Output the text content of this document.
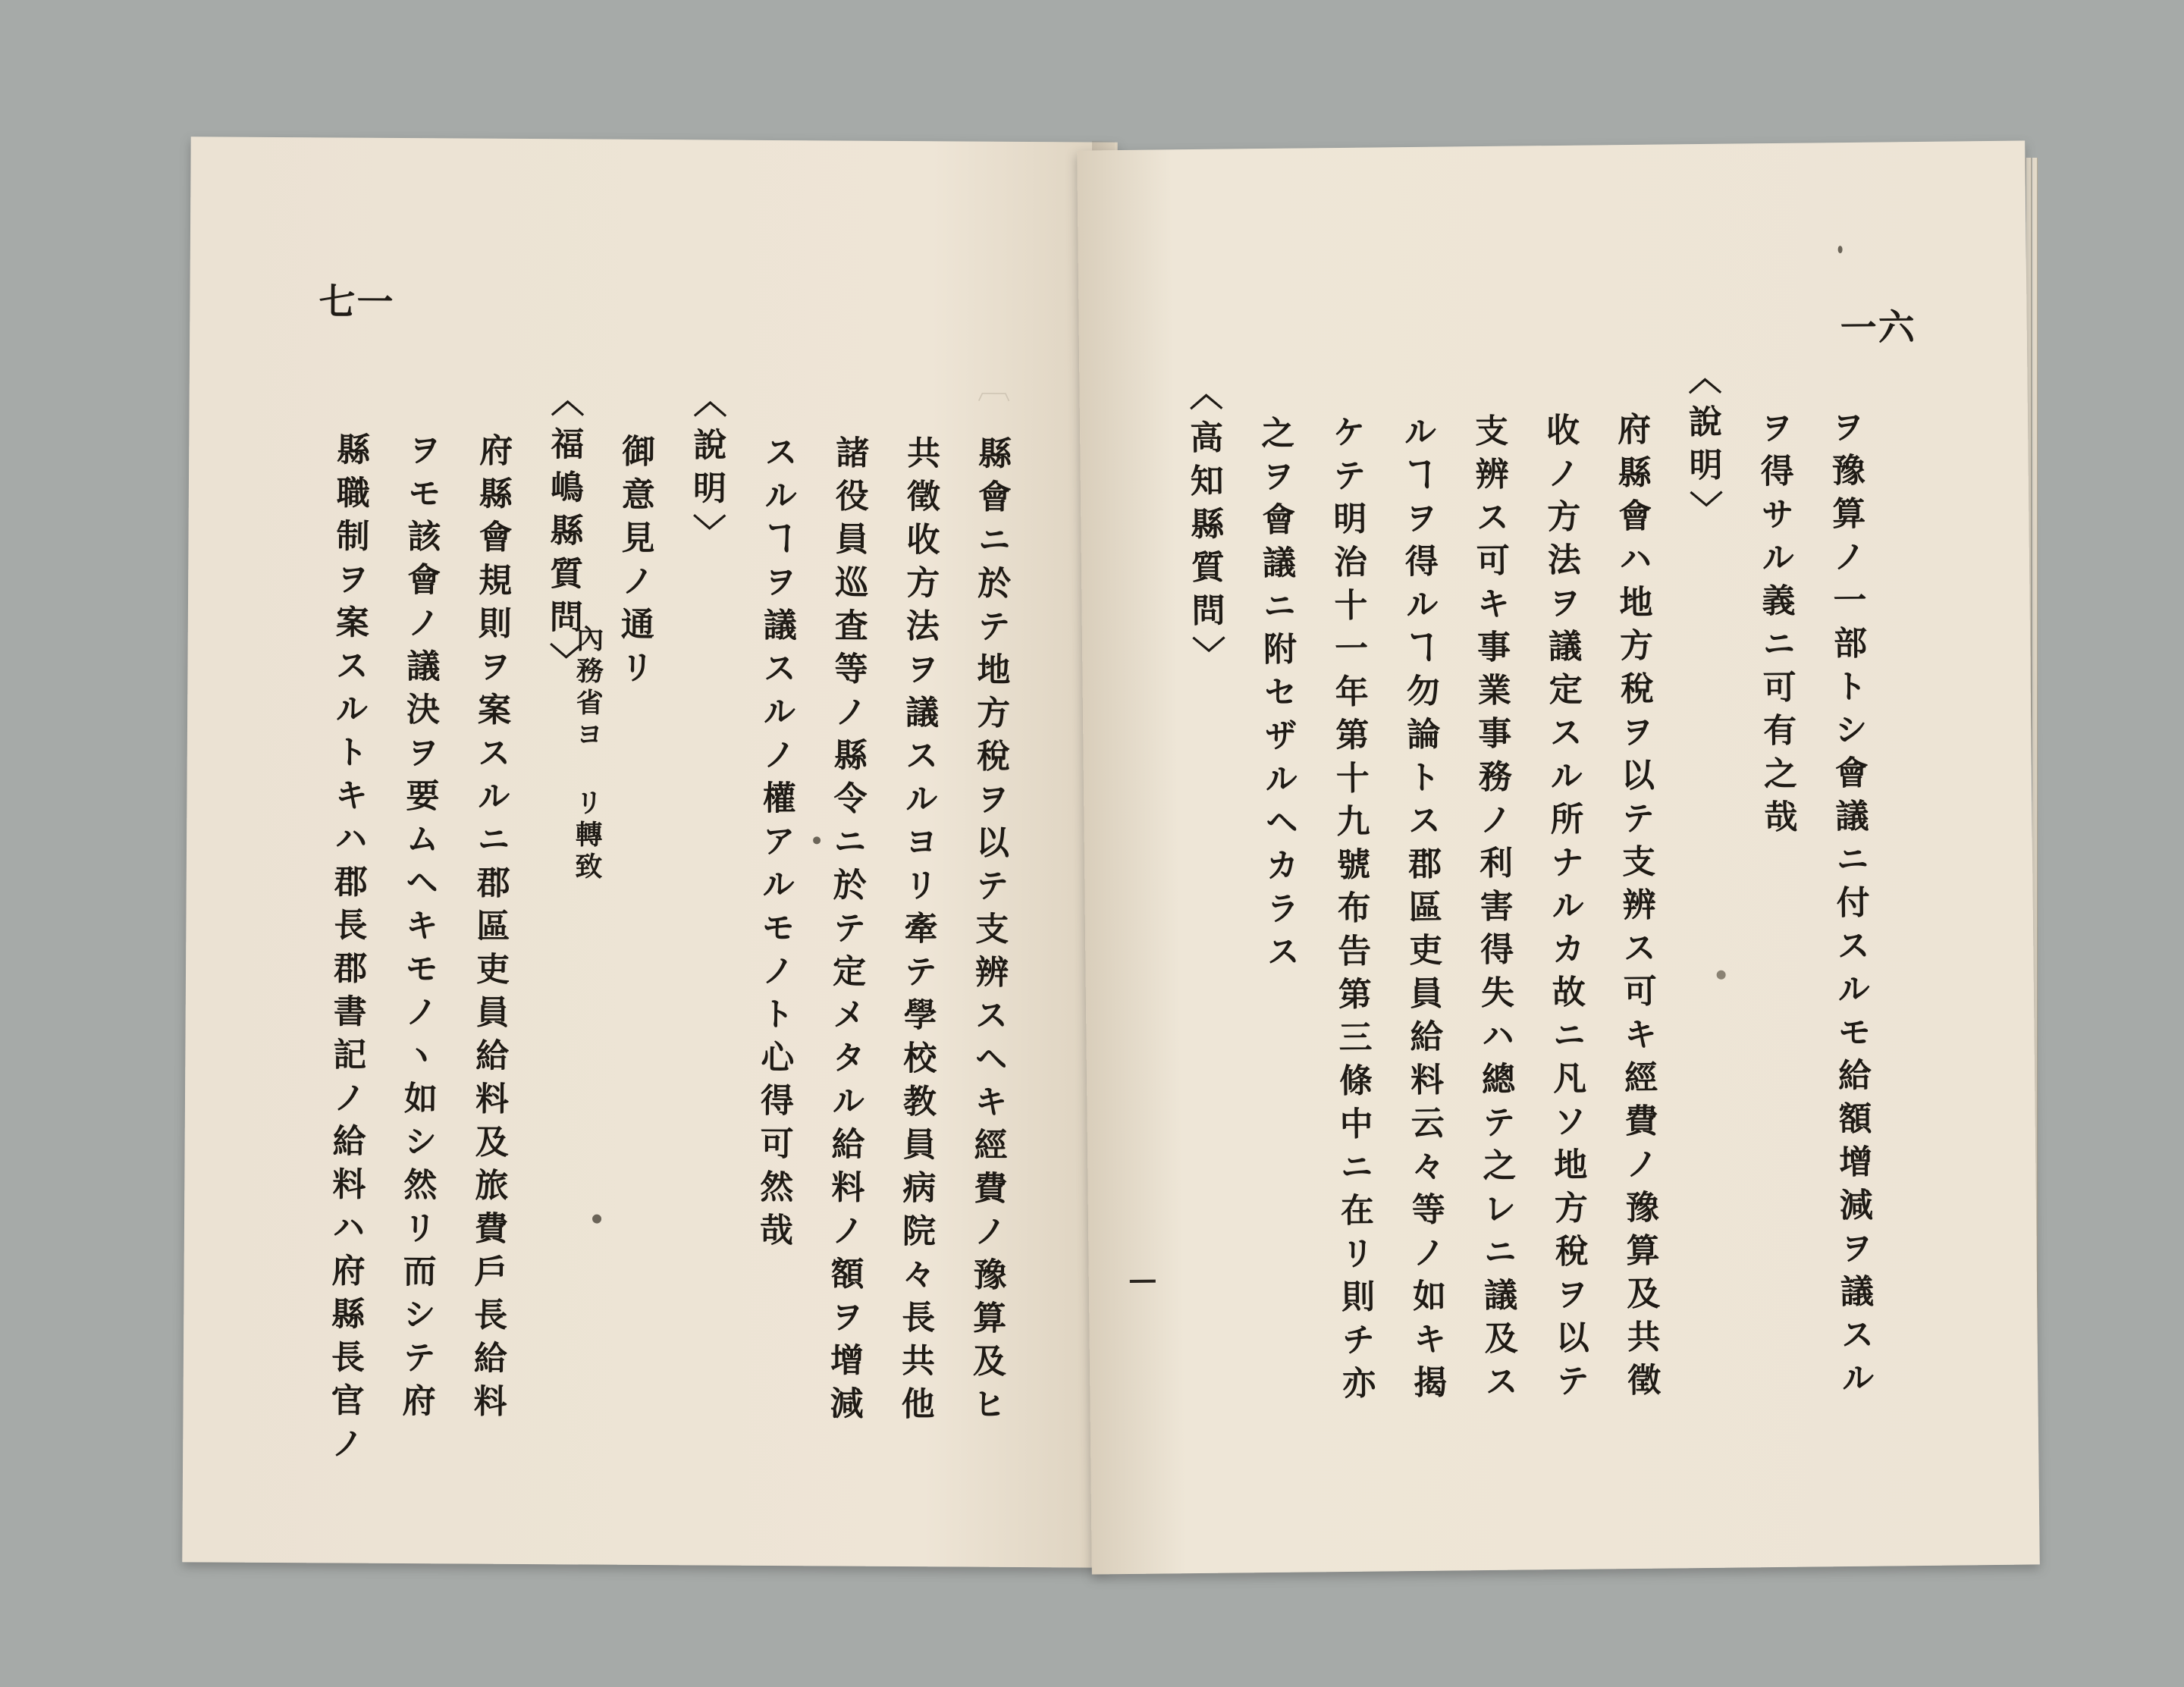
七一
〔
縣會ニ於テ地方稅ヲ以テ支辨スヘキ經費ノ豫算及ヒ
共徵收方法ヲ議スルヨリ牽テ學校教員病院々長共他
諸役員巡査等ノ縣令ニ於テ定メタル給料ノ額ヲ增減
スルヿヲ議スルノ權アルモノト心得可然哉
〈說明〉
御意見ノ通リ
〈福嶋縣質問〉
內務省ヨリ轉致
府縣會規則ヲ案スルニ郡區吏員給料及旅費戶長給料
ヲモ該會ノ議決ヲ要ムヘキモノヽ如シ然リ而シテ府
縣職制ヲ案スルトキハ郡長郡書記ノ給料ハ府縣長官ノ
一六
ヲ豫算ノ一部トシ會議ニ付スルモ給額增減ヲ議スル
ヲ得サル義ニ可有之哉
〈說明〉
府縣會ハ地方稅ヲ以テ支辨ス可キ經費ノ豫算及共徵
收ノ方法ヲ議定スル所ナルカ故ニ凡ソ地方稅ヲ以テ
支辨ス可キ事業事務ノ利害得失ハ總テ之レニ議及ス
ルヿヲ得ルヿ勿論トス郡區吏員給料云々等ノ如キ揭
ケテ明治十一年第十九號布告第三條中ニ在リ則チ亦
之ヲ會議ニ附セザルヘカラス
〈高知縣質問〉
